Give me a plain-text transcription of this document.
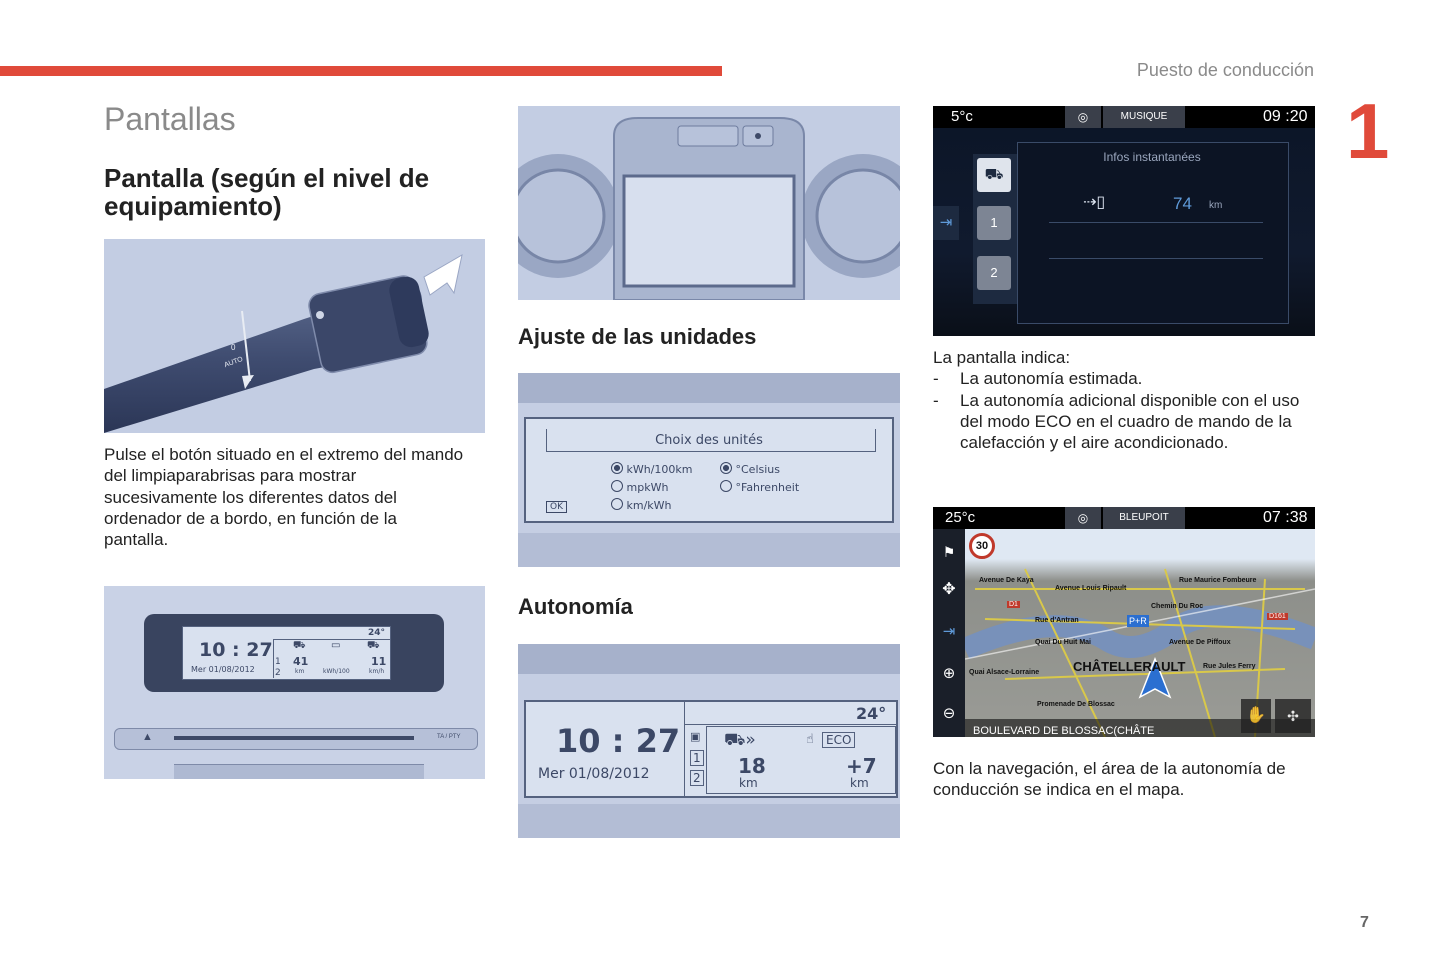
Puesto de conducción
1
7
Pantallas
Pantalla (según el nivel de equipamiento)
AUTO
0
Pulse el botón situado en el extremo del mando del limpiaparabrisas para mostrar sucesivamente los diferentes datos del ordenador de a bordo, en función de la pantalla.
10 : 27
Mer 01/08/2012
24°
1
2
41
km	kWh/100
11
km/h
⛟	▭	⛟
▲	TA / PTY
Ajuste de las unidades
Choix des unités
kWh/100km
mpkWh
km/kWh
°Celsius
°Fahrenheit
OK
Autonomía
10 : 27
Mer 01/08/2012
24°
▣
1
2
⛟»	ECO
☝
18
km
+7
km
5°c	◎	MUSIQUE	09 :20
Infos instantanées
⇢▯	74 km
⛟
1
2
⇥
La pantalla indica:
- La autonomía estimada.
- La autonomía adicional disponible con el uso del modo ECO en el cuadro de mando de la calefacción y el aire acondicionado.
25°c	◎	BLEUPOIT	07 :38
Avenue De Kaya
Avenue Louis Ripault
Rue Maurice Fombeure
Chemin Du Roc
Rue d'Antran
Quai Du Huit Mai	Avenue De Piffoux
Quai Alsace-Lorraine
Rue Jules Ferry
Promenade De Blossac
CHÂTELLERAULT
D1
D161
P+R
BOULEVARD DE BLOSSAC(CHÂTE
30
✋	✣
⚑
✥
⇥
⊕
⊖
Con la navegación, el área de la autonomía de conducción se indica en el mapa.
